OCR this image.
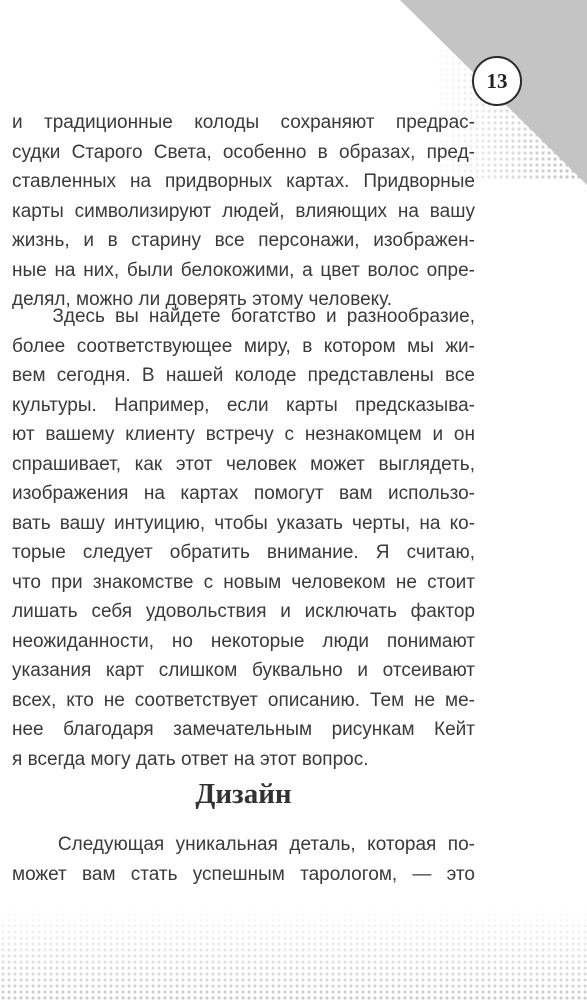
13
и традиционные колоды сохраняют предрас-
судки Старого Света, особенно в образах, пред-
ставленных на придворных картах. Придворные
карты символизируют людей, влияющих на вашу
жизнь, и в старину все персонажи, изображен-
ные на них, были белокожими, а цвет волос опре-
делял, можно ли доверять этому человеку.
Здесь вы найдете богатство и разнообразие,
более соответствующее миру, в котором мы жи-
вем сегодня. В нашей колоде представлены все
культуры. Например, если карты предсказыва-
ют вашему клиенту встречу с незнакомцем и он
спрашивает, как этот человек может выглядеть,
изображения на картах помогут вам использо-
вать вашу интуицию, чтобы указать черты, на ко-
торые следует обратить внимание. Я считаю,
что при знакомстве с новым человеком не стоит
лишать себя удовольствия и исключать фактор
неожиданности, но некоторые люди понимают
указания карт слишком буквально и отсеивают
всех, кто не соответствует описанию. Тем не ме-
нее благодаря замечательным рисункам Кейт
я всегда могу дать ответ на этот вопрос.
Дизайн
Следующая уникальная деталь, которая по-
может вам стать успешным тарологом, — это
